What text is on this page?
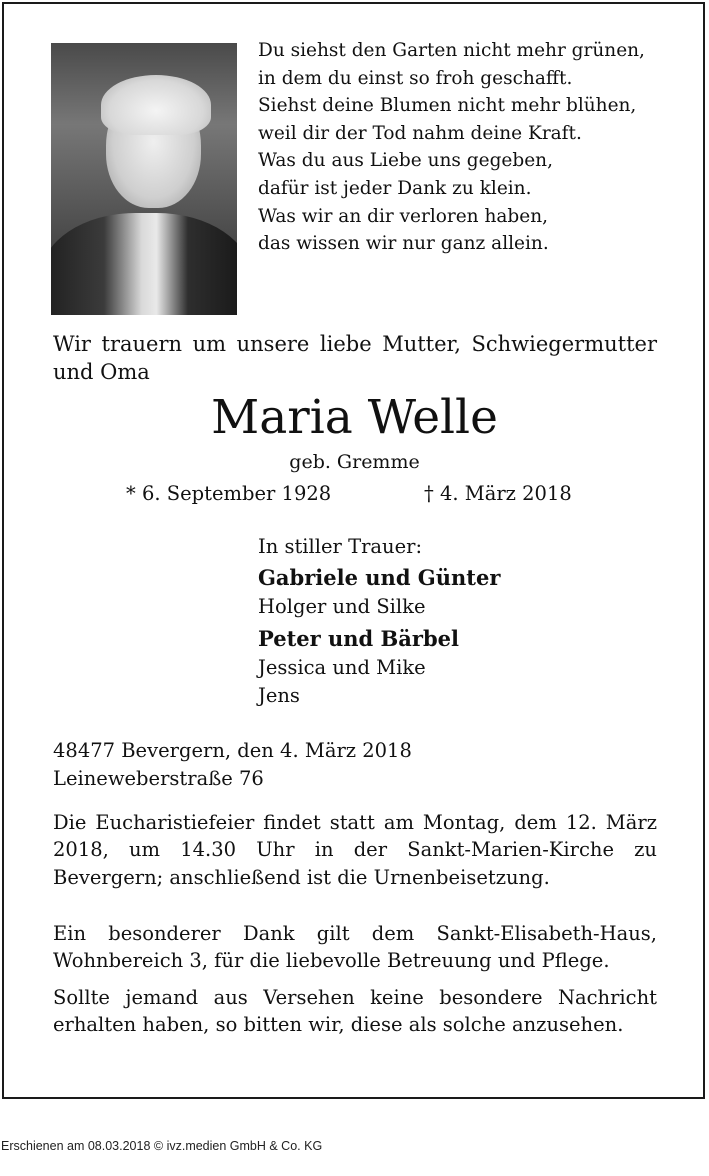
Du siehst den Garten nicht mehr grünen,
in dem du einst so froh geschafft.
Siehst deine Blumen nicht mehr blühen,
weil dir der Tod nahm deine Kraft.
Was du aus Liebe uns gegeben,
dafür ist jeder Dank zu klein.
Was wir an dir verloren haben,
das wissen wir nur ganz allein.
Wir trauern um unsere liebe Mutter, Schwiegermutter und Oma
Maria Welle
geb. Gremme
* 6. September 1928	† 4. März 2018
In stiller Trauer:
Gabriele und Günter
Holger und Silke
Peter und Bärbel
Jessica und Mike
Jens
48477 Bevergern, den 4. März 2018
Leineweberstraße 76
Die Eucharistiefeier findet statt am Montag, dem 12. März 2018, um 14.30 Uhr in der Sankt-Marien-Kirche zu Bevergern; anschließend ist die Urnenbeisetzung.
Ein besonderer Dank gilt dem Sankt-Elisabeth-Haus, Wohnbereich 3, für die liebevolle Betreuung und Pflege.
Sollte jemand aus Versehen keine besondere Nachricht erhalten haben, so bitten wir, diese als solche anzusehen.
Erschienen am 08.03.2018 © ivz.medien GmbH & Co. KG
